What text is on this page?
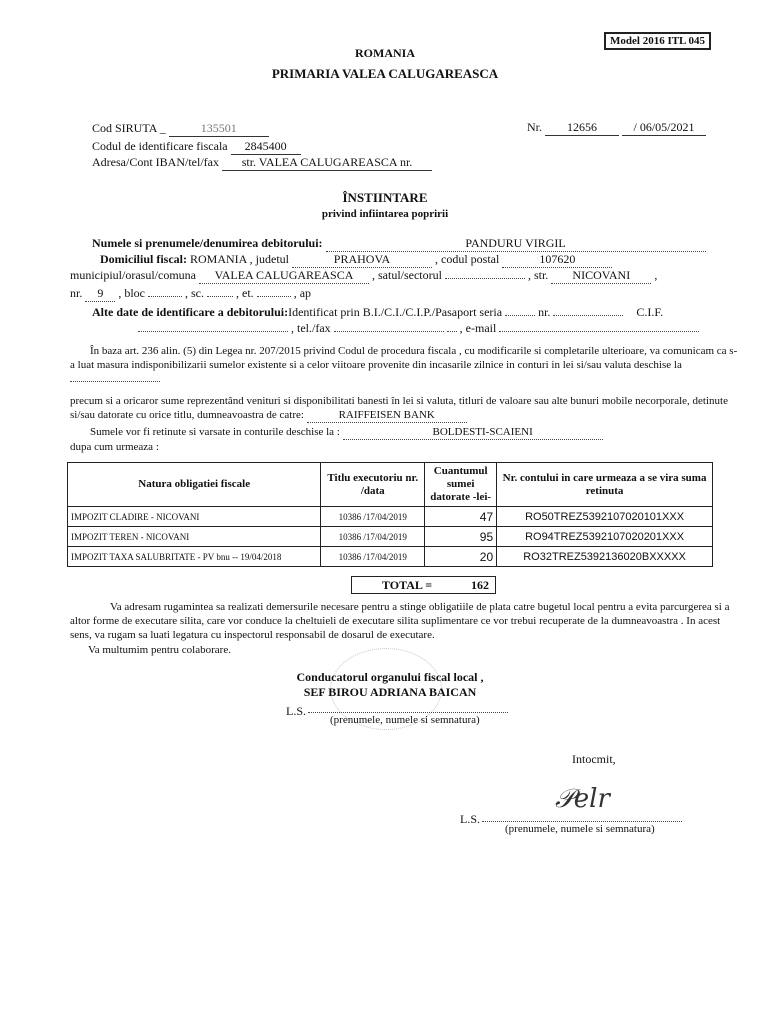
Model 2016 ITL 045
ROMANIA
PRIMARIA VALEA CALUGAREASCA
Cod SIRUTA _	135501
Codul de identificare fiscala 2845400
Adresa/Cont IBAN/tel/fax str. VALEA CALUGAREASCA nr.
Nr. 12656	/ 06/05/2021
ÎNSTIINTARE
privind infiintarea popririi
Numele si prenumele/denumirea debitorului:	PANDURU VIRGIL
Domiciliul fiscal: ROMANIA , judetul	PRAHOVA	, codul postal	107620
municipiul/orasul/comuna VALEA CALUGAREASCA , satul/sectorul	, str. NICOVANI ,
nr. 9 , bloc	, sc.	, et.	, ap
Alte date de identificare a debitorului:Identificat prin B.I./C.I./C.I.P./Pasaport seria	nr.	C.I.F.
, tel./fax	, e-mail
În baza art. 236 alin. (5) din Legea nr. 207/2015 privind Codul de procedura fiscala , cu modificarile si completarile ulterioare, va comunicam ca s-a luat masura indisponibilizarii sumelor existente si a celor viitoare provenite din incasarile zilnice in conturi in lei si/sau valuta deschise la
precum si a oricaror sume reprezentând venituri si disponibilitati banesti în lei si valuta, titluri de valoare sau alte bunuri mobile necorporale, detinute si/sau datorate cu orice titlu, dumneavoastra de catre:	RAIFFEISEN BANK
Sumele vor fi retinute si varsate in conturile deschise la :	BOLDESTI-SCAIENI
dupa cum urmeaza :
Natura obligatiei fiscale	Titlu executoriu nr. /data	Cuantumul sumei datorate -lei-	Nr. contului in care urmeaza a se vira suma retinuta
IMPOZIT CLADIRE - NICOVANI	10386 /17/04/2019	47	RO50TREZ5392107020101XXX
IMPOZIT TEREN - NICOVANI	10386 /17/04/2019	95	RO94TREZ5392107020201XXX
IMPOZIT TAXA SALUBRITATE - PV bnu -- 19/04/2018	10386 /17/04/2019	20	RO32TREZ5392136020BXXXXX
TOTAL =	162
Va adresam rugamintea sa realizati demersurile necesare pentru a stinge obligatiile de plata catre bugetul local pentru a evita parcurgerea si a altor forme de executare silita, care vor conduce la cheltuieli de executare silita suplimentare ce vor trebui recuperate de la dumneavoastra . In acest sens, va rugam sa luati legatura cu inspectorul responsabil de dosarul de executare.
Va multumim pentru colaborare.
Conducatorul organului fiscal local ,
SEF BIROU ADRIANA BAICAN
L.S.
(prenumele, numele si semnatura)
Intocmit,
𝒫elr
L.S.
(prenumele, numele si semnatura)
